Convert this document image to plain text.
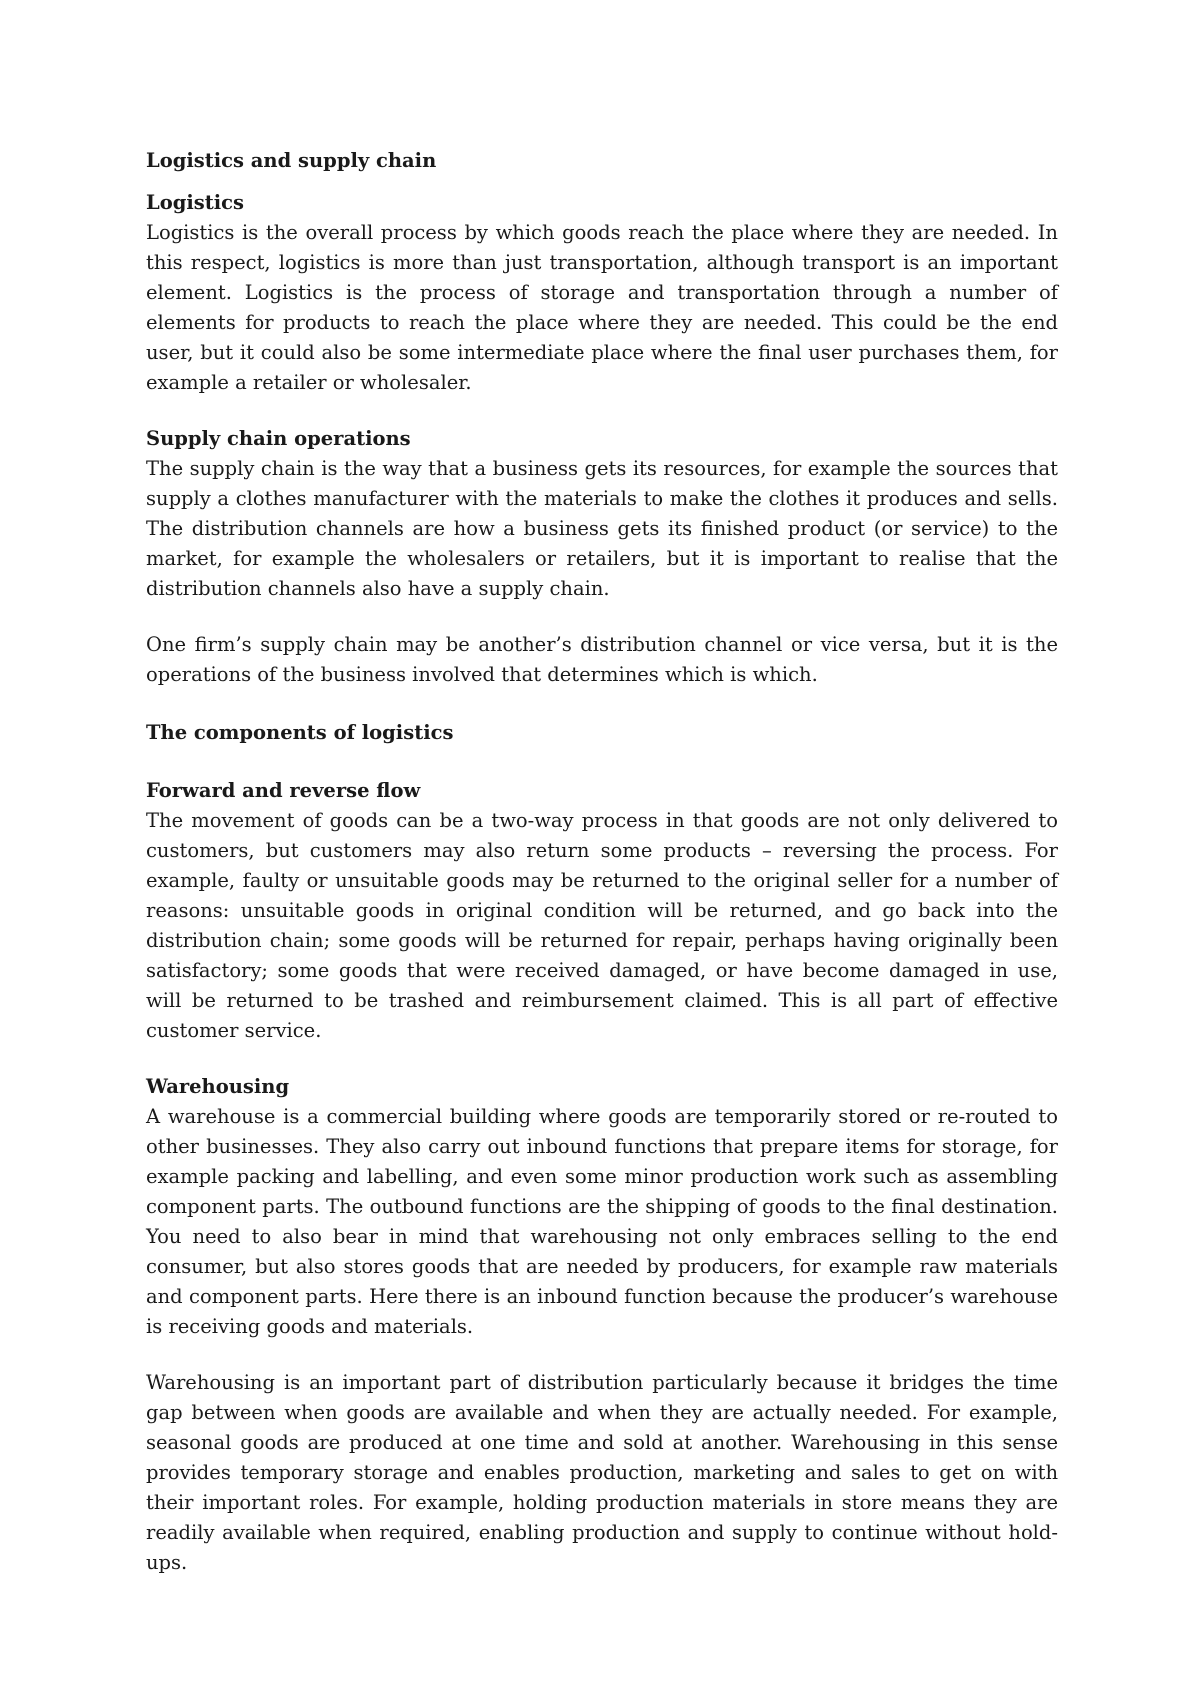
Logistics and supply chain
Logistics

Logistics is the overall process by which goods reach the place where they are needed. In this respect, logistics is more than just transportation, although transport is an important element. Logistics is the process of storage and transportation through a number of elements for products to reach the place where they are needed. This could be the end user, but it could also be some intermediate place where the final user purchases them, for example a retailer or wholesaler.

Supply chain operations

The supply chain is the way that a business gets its resources, for example the sources that supply a clothes manufacturer with the materials to make the clothes it produces and sells. The distribution channels are how a business gets its finished product (or service) to the market, for example the wholesalers or retailers, but it is important to realise that the distribution channels also have a supply chain.

One firm’s supply chain may be another’s distribution channel or vice versa, but it is the operations of the business involved that determines which is which.

The components of logistics
Forward and reverse flow

The movement of goods can be a two-way process in that goods are not only delivered to customers, but customers may also return some products – reversing the process. For example, faulty or unsuitable goods may be returned to the original seller for a number of reasons: unsuitable goods in original condition will be returned, and go back into the distribution chain; some goods will be returned for repair, perhaps having originally been satisfactory; some goods that were received damaged, or have become damaged in use, will be returned to be trashed and reimbursement claimed. This is all part of effective customer service.

Warehousing

A warehouse is a commercial building where goods are temporarily stored or re-routed to other businesses. They also carry out inbound functions that prepare items for storage, for example packing and labelling, and even some minor production work such as assembling component parts. The outbound functions are the shipping of goods to the final destination. You need to also bear in mind that warehousing not only embraces selling to the end consumer, but also stores goods that are needed by producers, for example raw materials and component parts. Here there is an inbound function because the producer’s warehouse is receiving goods and materials.

Warehousing is an important part of distribution particularly because it bridges the time gap between when goods are available and when they are actually needed. For example, seasonal goods are produced at one time and sold at another. Warehousing in this sense provides temporary storage and enables production, marketing and sales to get on with their important roles. For example, holding production materials in store means they are readily available when required, enabling production and supply to continue without hold-ups.
